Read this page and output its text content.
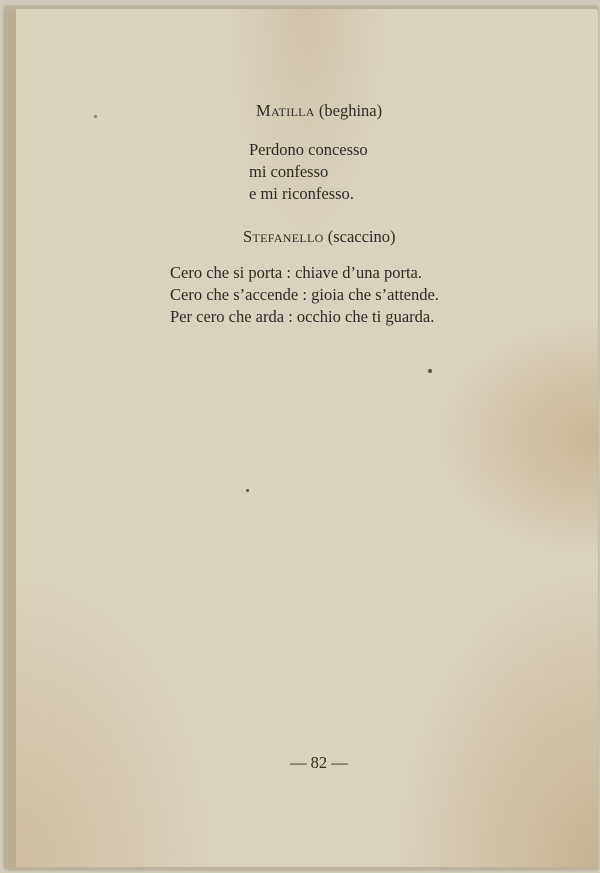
Matilla (beghina)
Perdono concesso
mi confesso
e mi riconfesso.
Stefanello (scaccino)
Cero che si porta : chiave d’una porta.
Cero che s’accende : gioia che s’attende.
Per cero che arda : occhio che ti guarda.
— 82 —
